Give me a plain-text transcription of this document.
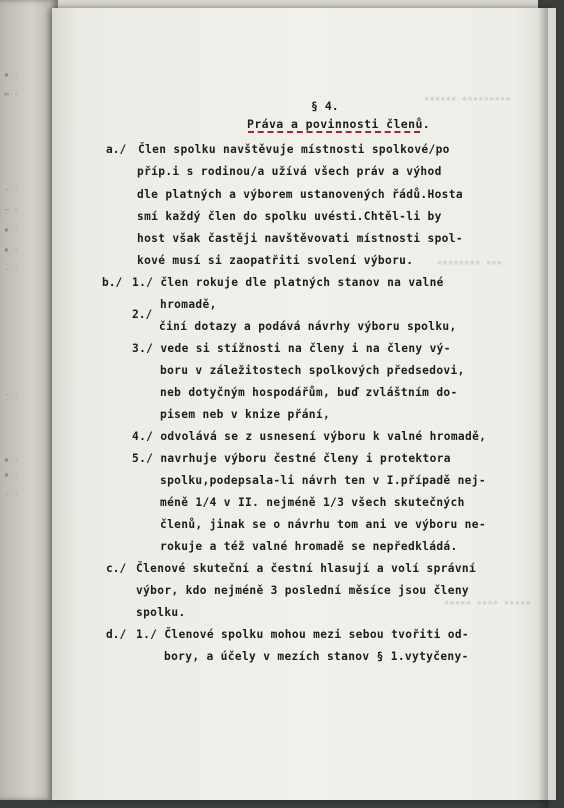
▪ ·
═ ·
- ·
~ ·
▪ ·
▪ ·
· ·
‐ ·
▪ ·
▪ ·
- ·
▪▪▪▪▪▪ ▪▪▪▪▪▪▪▪▪
▪▪▪▪▪▪▪▪ ▪▪▪
▪▪▪▪▪ ▪▪▪▪ ▪▪▪▪▪
§ 4.
Práva a povinnosti členů.
a./ Člen spolku navštěvuje místnosti spolkové/po
příp.i s rodinou/a užívá všech práv a výhod
dle platných a výborem ustanovených řádů.Hosta
smí každý člen do spolku uvésti.Chtěl-li by
host však častěji navštěvovati místnosti spol-
kové musí si zaopatřiti svolení výboru.
b./ 1./ člen rokuje dle platných stanov na valné
hromadě,
2./
činí dotazy a podává návrhy výboru spolku,
3./ vede si stížnosti na členy i na členy vý-
boru v záležitostech spolkových předsedovi,
neb dotyčným hospodářům, buď zvláštním do-
pisem neb v knize přání,
4./ odvolává se z usnesení výboru k valné hromadě,
5./ navrhuje výboru čestné členy i protektora
spolku,podepsala-li návrh ten v I.případě nej-
méně 1/4 v II. nejméně 1/3 všech skutečných
členů, jinak se o návrhu tom ani ve výboru ne-
rokuje a též valné hromadě se nepředkládá.
c./ Členové skuteční a čestní hlasují a volí správní
výbor, kdo nejméně 3 poslední měsíce jsou členy
spolku.
d./ 1./ Členové spolku mohou mezi sebou tvořiti od-
bory, a účely v mezích stanov § 1.vytyčeny-
